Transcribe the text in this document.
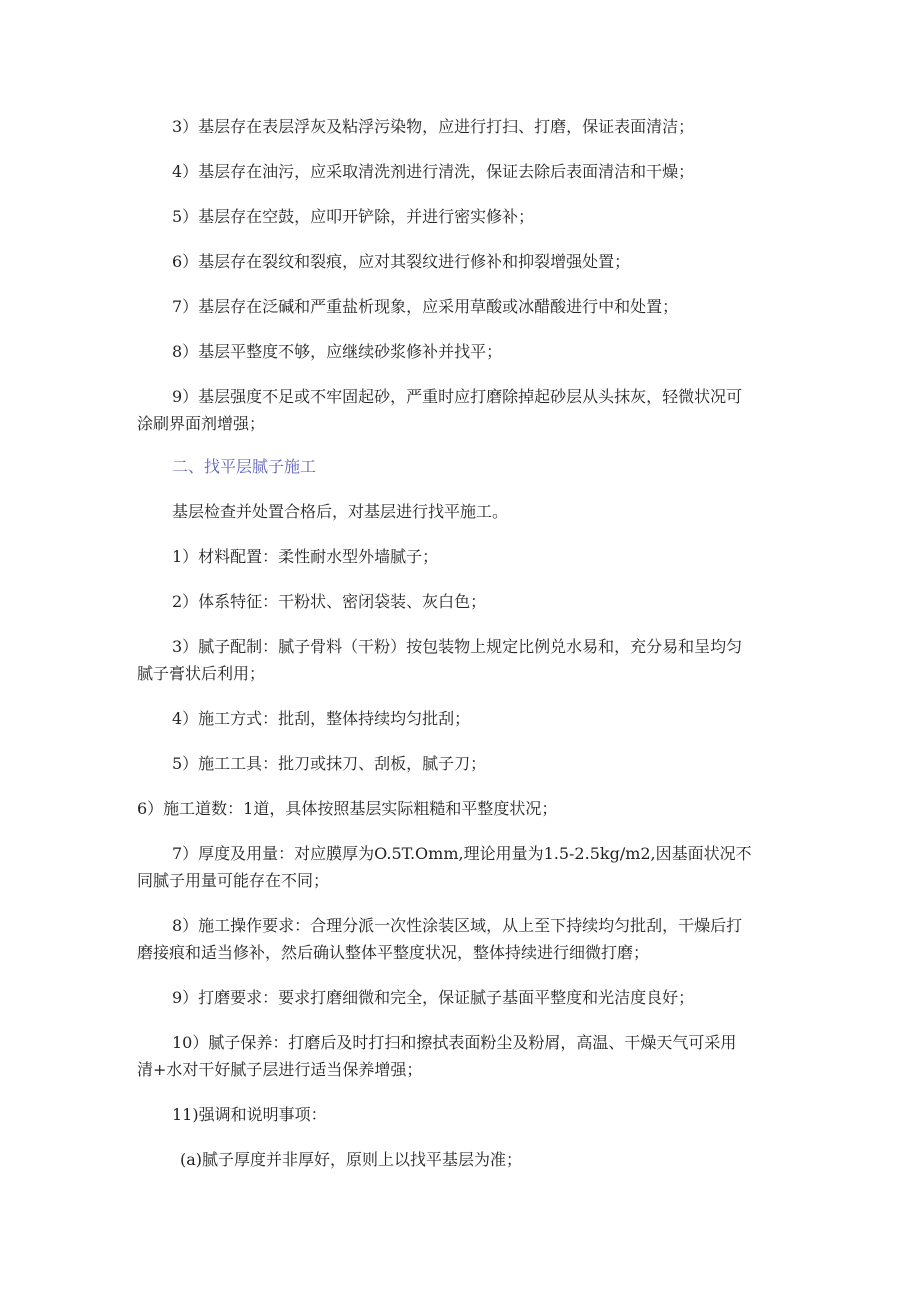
3）基层存在表层浮灰及粘浮污染物，应进行打扫、打磨，保证表面清洁；

4）基层存在油污，应采取清洗剂进行清洗，保证去除后表面清洁和干燥；

5）基层存在空鼓，应叩开铲除，并进行密实修补；

6）基层存在裂纹和裂痕，应对其裂纹进行修补和抑裂增强处置；

7）基层存在泛碱和严重盐析现象，应采用草酸或冰醋酸进行中和处置；

8）基层平整度不够，应继续砂浆修补并找平；

9）基层强度不足或不牢固起砂，严重时应打磨除掉起砂层从头抹灰，轻微状况可

涂刷界面剂增强；

二、找平层腻子施工

基层检查并处置合格后，对基层进行找平施工。

1）材料配置：柔性耐水型外墙腻子；

2）体系特征：干粉状、密闭袋装、灰白色；

3）腻子配制：腻子骨料（干粉）按包装物上规定比例兑水易和，充分易和呈均匀

腻子膏状后利用；

4）施工方式：批刮，整体持续均匀批刮；

5）施工工具：批刀或抹刀、刮板，腻子刀；

6）施工道数：1道，具体按照基层实际粗糙和平整度状况；

7）厚度及用量：对应膜厚为O.5T.Omm,理论用量为1.5-2.5kg∕m2,因基面状况不

同腻子用量可能存在不同；

8）施工操作要求：合理分派一次性涂装区域，从上至下持续均匀批刮，干燥后打

磨接痕和适当修补，然后确认整体平整度状况，整体持续进行细微打磨；

9）打磨要求：要求打磨细微和完全，保证腻子基面平整度和光洁度良好；

10）腻子保养：打磨后及时打扫和擦拭表面粉尘及粉屑，高温、干燥天气可采用

清+水对干好腻子层进行适当保养增强；

11)强调和说明事项：

(a)腻子厚度并非厚好，原则上以找平基层为准；
